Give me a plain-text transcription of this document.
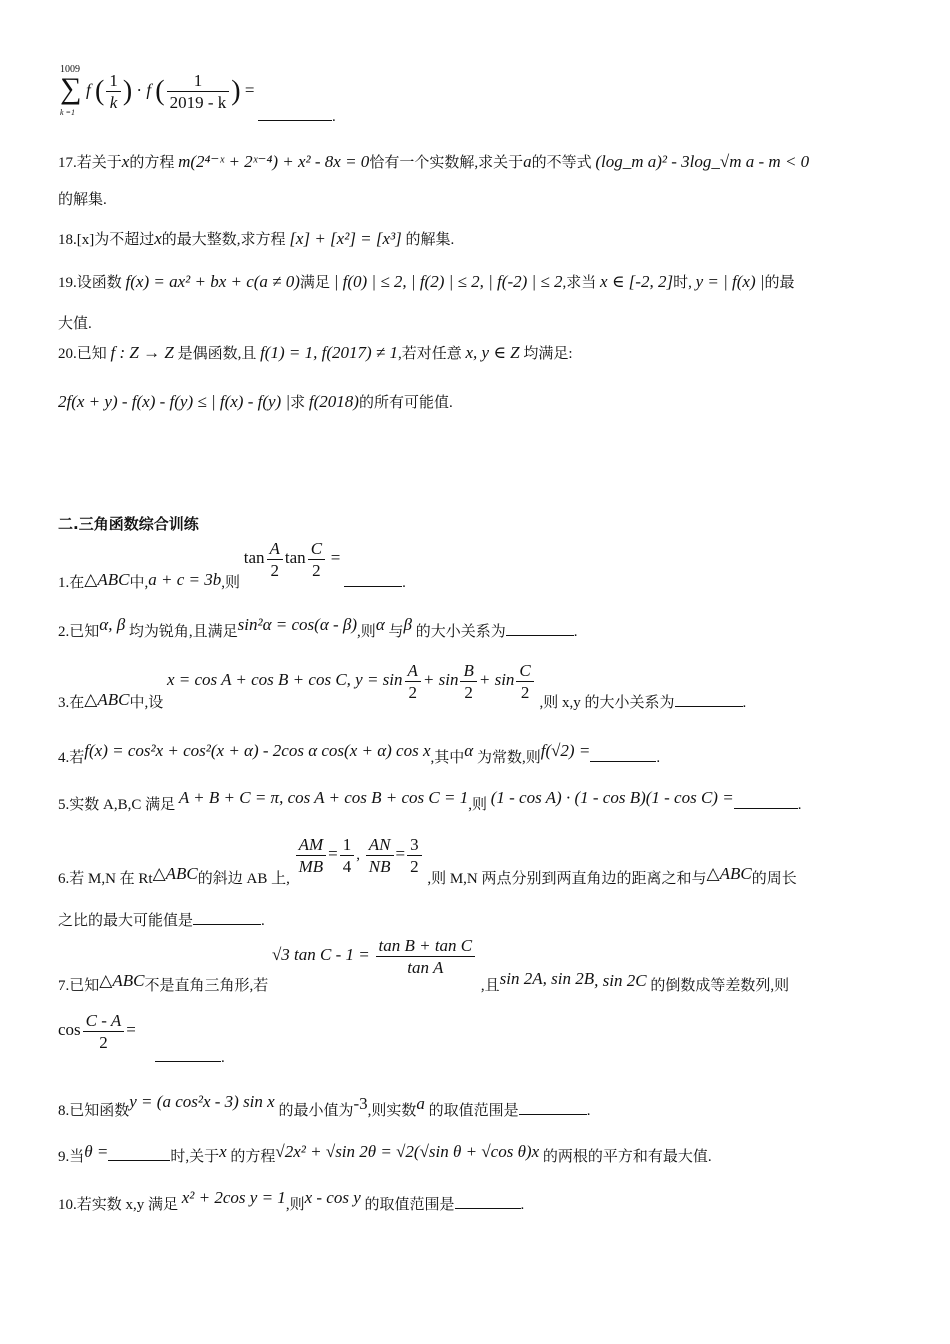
1009
∑
k =1
f ( $\frac{1}{k}$ ) · f ( $\frac{1}{2019 - k}$ ) =
.
17.若关于x的方程 m(2⁴⁻ˣ + 2ˣ⁻⁴) + x² - 8x = 0恰有一个实数解,求关于a的不等式 (log_m a)² - 3log_√m a - m < 0
的解集.
18.[x]为不超过x的最大整数,求方程 [x] + [x²] = [x³] 的解集.
19.设函数 f(x) = ax² + bx + c(a ≠ 0)满足 | f(0) | ≤ 2, | f(2) | ≤ 2, | f(-2) | ≤ 2,求当 x ∈ [-2, 2]时, y = | f(x) |的最
大值.
20.已知 f : Z → Z 是偶函数,且 f(1) = 1, f(2017) ≠ 1,若对任意 x, y ∈ Z 均满足:
2f(x + y) - f(x) - f(y) ≤ | f(x) - f(y) |求 f(2018)的所有可能值.
二.三角函数综合训练
1.在△ABC中,a + c = 3b,则 $\tan \frac{A}{2}$ $\tan \frac{C}{2}$ = .
2.已知α, β 均为锐角,且满足sin²α = cos(α - β),则α 与β 的大小关系为	.
3.在△ABC中,设 x = cos A + cos B + cos C, $y = \sin \frac{A}{2} + \sin \frac{B}{2} + \sin \frac{C}{2}$ ,则 x,y 的大小关系为	.
4.若f(x) = cos²x + cos²(x + α) - 2cos α cos(x + α) cos x,其中α 为常数,则f(√2) =	.
5.实数 A,B,C 满足 A + B + C = π, cos A + cos B + cos C = 1,则 (1 - cos A) · (1 - cos B)(1 - cos C) =	.
6.若 M,N 在 Rt△ABC的斜边 AB 上,
$\frac{AM}{MB} = \frac{1}{4}$ , $\frac{AN}{NB} = \frac{3}{2}$
,则 M,N 两点分别到两直角边的距离之和与△ABC的周长
之比的最大可能值是	.
7.已知△ABC不是直角三角形,若 √3 $\tan C - 1 = \frac{\text{tan B + tan C}}{\text{tan A}}$
,且sin 2A, sin 2B, sin 2C 的倒数成等差数列,则
$\cos \frac{C - A}{2}$ =
.
8.已知函数y = (a cos²x - 3) sin x 的最小值为-3,则实数a 的取值范围是	.
9.当θ =	时,关于x 的方程√2x² + √sin 2θ = √2(√sin θ + √cos θ)x 的两根的平方和有最大值.
10.若实数 x,y 满足 x² + 2cos y = 1,则x - cos y 的取值范围是	.
